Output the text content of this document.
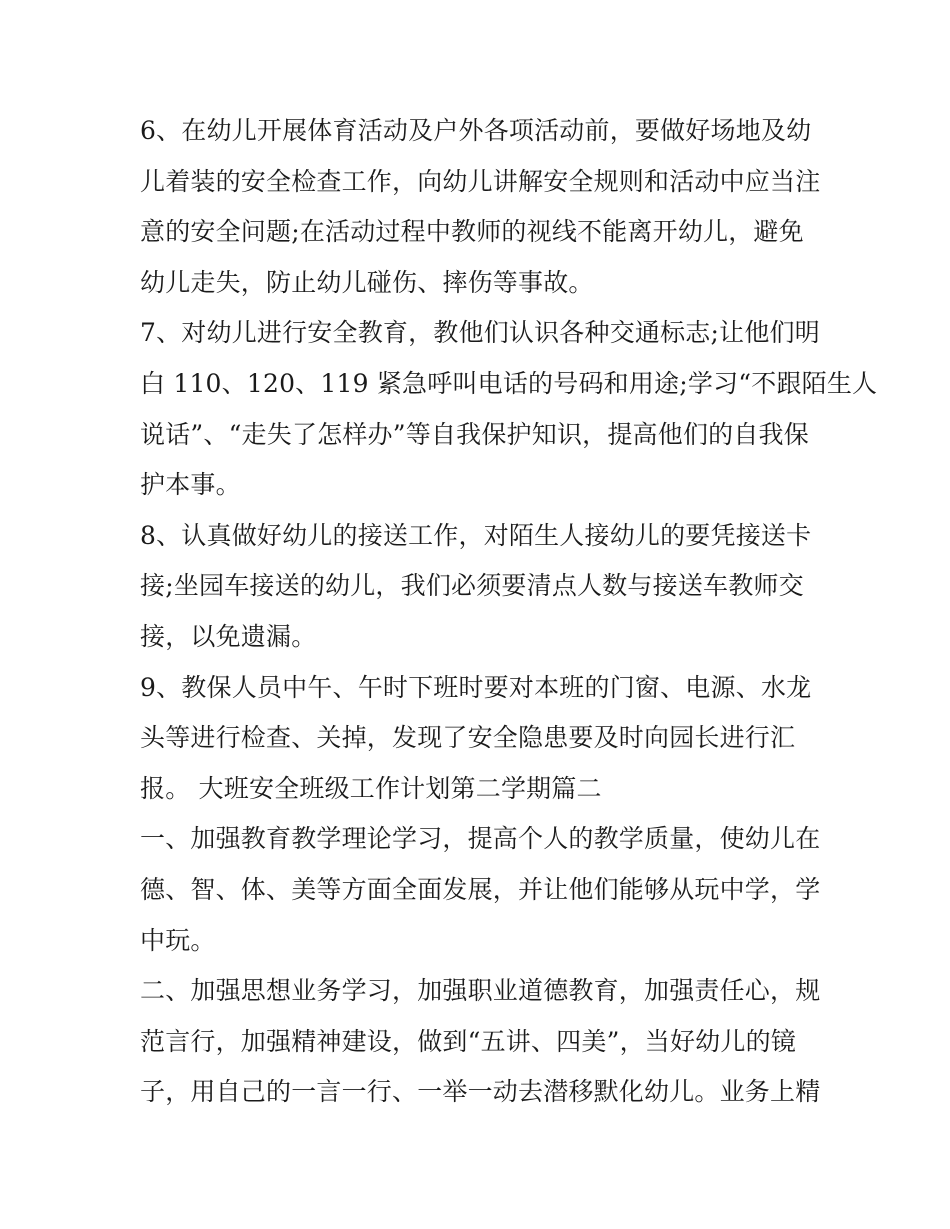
6、在幼儿开展体育活动及户外各项活动前，要做好场地及幼
儿着装的安全检查工作，向幼儿讲解安全规则和活动中应当注
意的安全问题;在活动过程中教师的视线不能离开幼儿，避免
幼儿走失，防止幼儿碰伤、摔伤等事故。
7、对幼儿进行安全教育，教他们认识各种交通标志;让他们明
白 110、120、119 紧急呼叫电话的号码和用途;学习“不跟陌生人
说话”、“走失了怎样办”等自我保护知识，提高他们的自我保
护本事。
8、认真做好幼儿的接送工作，对陌生人接幼儿的要凭接送卡
接;坐园车接送的幼儿，我们必须要清点人数与接送车教师交
接，以免遗漏。
9、教保人员中午、午时下班时要对本班的门窗、电源、水龙
头等进行检查、关掉，发现了安全隐患要及时向园长进行汇
报。 大班安全班级工作计划第二学期篇二
一、加强教育教学理论学习，提高个人的教学质量，使幼儿在
德、智、体、美等方面全面发展，并让他们能够从玩中学，学
中玩。
二、加强思想业务学习，加强职业道德教育，加强责任心，规
范言行，加强精神建设，做到“五讲、四美”，当好幼儿的镜
子，用自己的一言一行、一举一动去潜移默化幼儿。业务上精
